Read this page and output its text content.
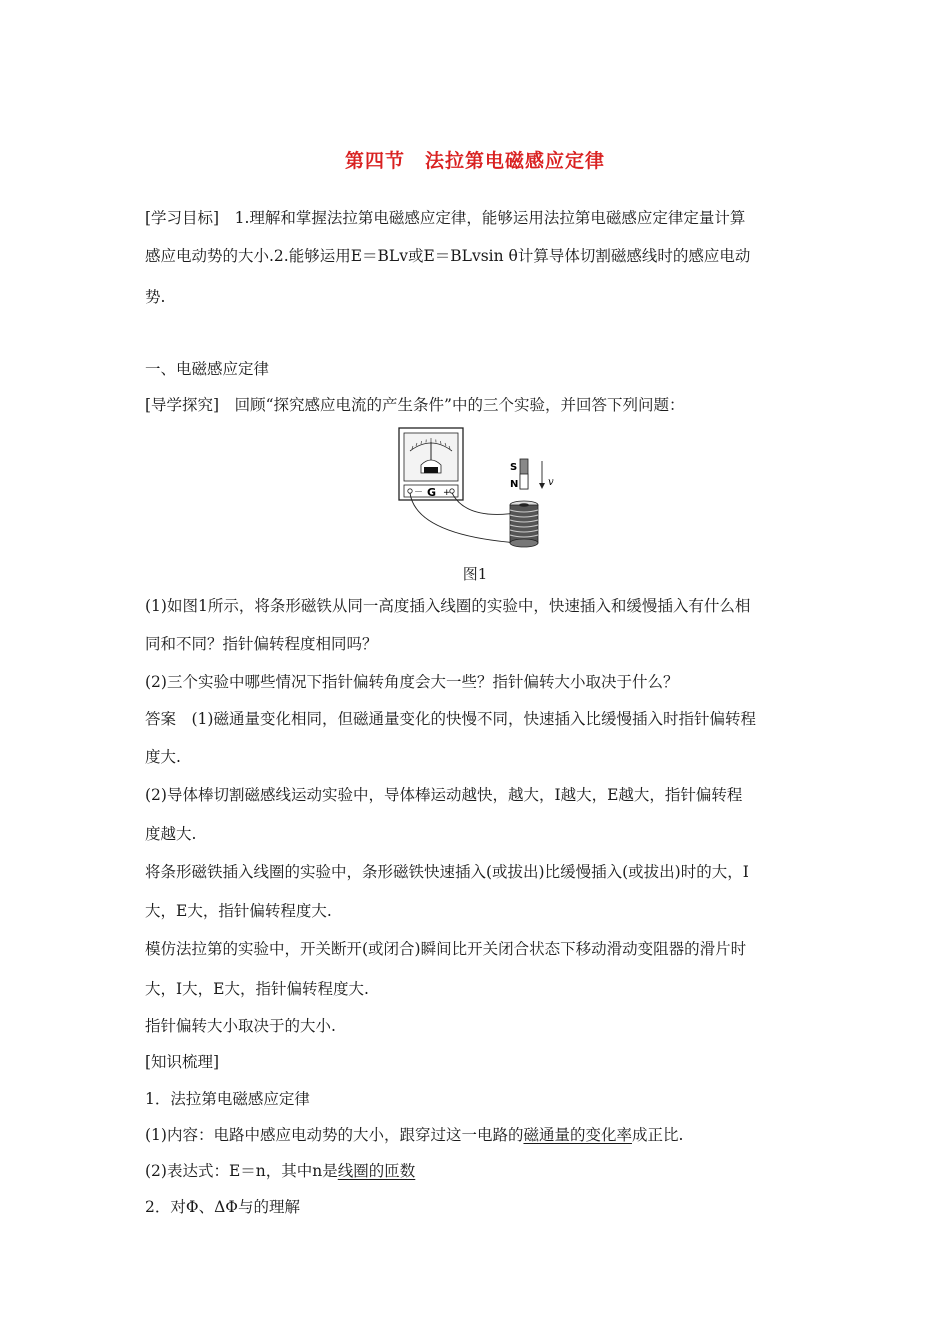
第四节　法拉第电磁感应定律
[学习目标]　1.理解和掌握法拉第电磁感应定律，能够运用法拉第电磁感应定律定量计算
感应电动势的大小.2.能够运用E＝BLv或E＝BLvsin θ计算导体切割磁感线时的感应电动
势.
一、电磁感应定律
[导学探究]　回顾“探究感应电流的产生条件”中的三个实验，并回答下列问题：
－ G +
S
N	v
图1
(1)如图1所示，将条形磁铁从同一高度插入线圈的实验中，快速插入和缓慢插入有什么相
同和不同？指针偏转程度相同吗？
(2)三个实验中哪些情况下指针偏转角度会大一些？指针偏转大小取决于什么？
答案　(1)磁通量变化相同，但磁通量变化的快慢不同，快速插入比缓慢插入时指针偏转程
度大.
(2)导体棒切割磁感线运动实验中，导体棒运动越快，越大，I越大，E越大，指针偏转程
度越大.
将条形磁铁插入线圈的实验中，条形磁铁快速插入(或拔出)比缓慢插入(或拔出)时的大，I
大，E大，指针偏转程度大.
模仿法拉第的实验中，开关断开(或闭合)瞬间比开关闭合状态下移动滑动变阻器的滑片时
大，I大，E大，指针偏转程度大.
指针偏转大小取决于的大小.
[知识梳理]
1．法拉第电磁感应定律
(1)内容：电路中感应电动势的大小，跟穿过这一电路的磁通量的变化率成正比.
(2)表达式：E＝n，其中n是线圈的匝数
2．对Φ、ΔΦ与的理解
